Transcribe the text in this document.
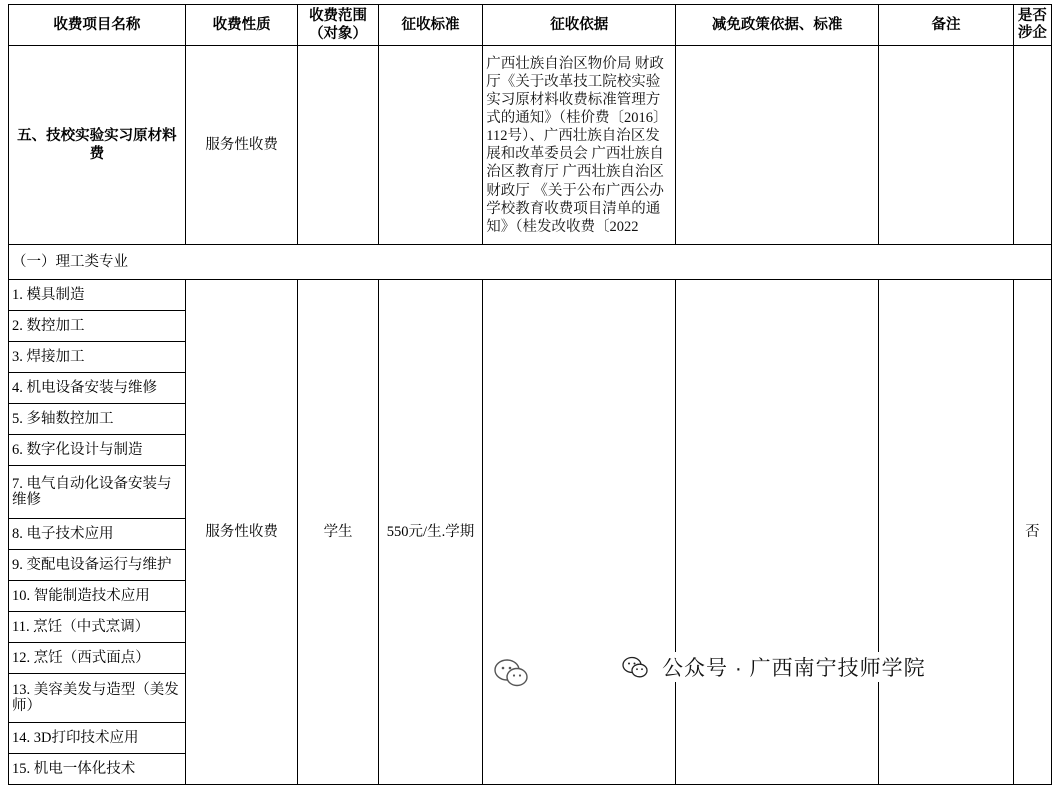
收费项目名称	收费性质	收费范围（对象）	征收标准	征收依据	减免政策依据、标准	备注	是否涉企

五、技校实验实习原材料费	服务性收费			广西壮族自治区物价局 财政厅《关于改革技工院校实验实习原材料收费标准管理方式的通知》（桂价费〔2016〕112号）、广西壮族自治区发展和改革委员会 广西壮族自治区教育厅 广西壮族自治区财政厅 《关于公布广西公办学校教育收费项目清单的通知》（桂发改收费〔2022			
（一）理工类专业							
1. 模具制造	服务性收费	学生	550元/生.学期				否
2. 数控加工							
3. 焊接加工							
4. 机电设备安装与维修							
5. 多轴数控加工							
6. 数字化设计与制造							
7. 电气自动化设备安装与维修							
8. 电子技术应用							
9. 变配电设备运行与维护							
10. 智能制造技术应用							
11. 烹饪（中式烹调）							
12. 烹饪（西式面点）							
13. 美容美发与造型（美发师）							
14. 3D打印技术应用							
15. 机电一体化技术							
公众号 · 广西南宁技师学院
